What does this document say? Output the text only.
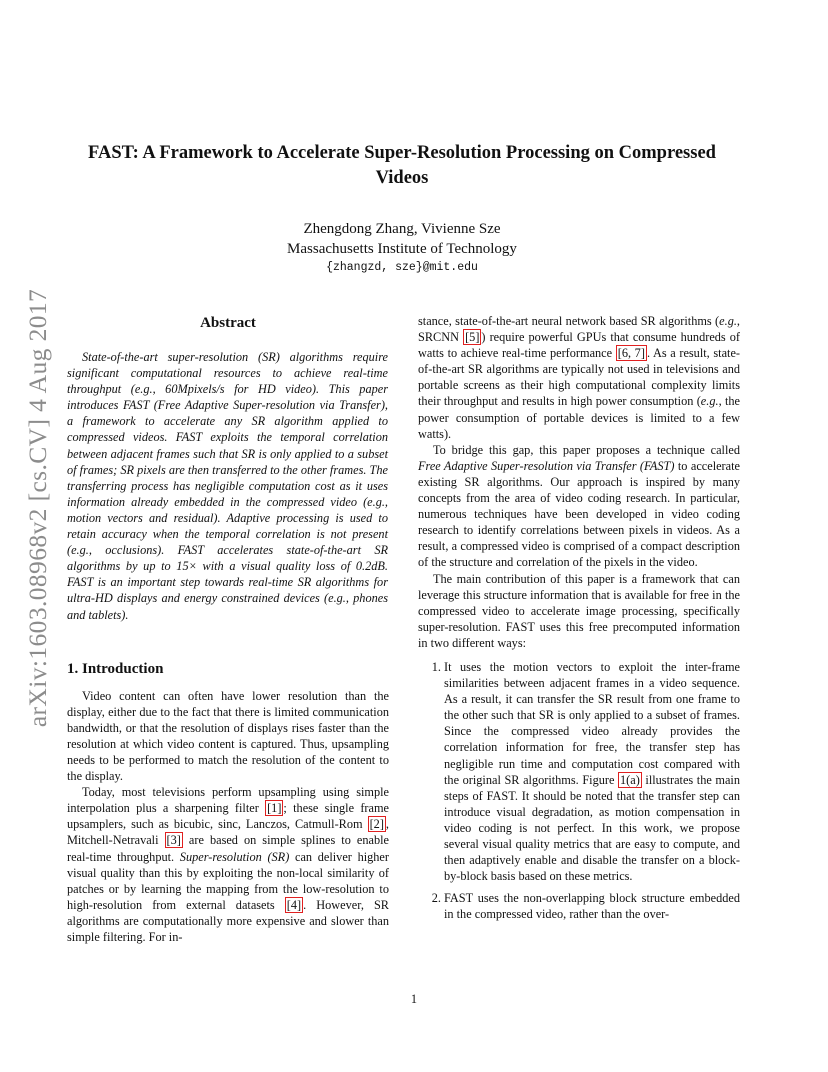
arXiv:1603.08968v2 [cs.CV] 4 Aug 2017
FAST: A Framework to Accelerate Super-Resolution Processing on Compressed Videos
Zhengdong Zhang, Vivienne Sze
Massachusetts Institute of Technology
{zhangzd, sze}@mit.edu
Abstract

State-of-the-art super-resolution (SR) algorithms require significant computational resources to achieve real-time throughput (e.g., 60Mpixels/s for HD video). This paper introduces FAST (Free Adaptive Super-resolution via Transfer), a framework to accelerate any SR algorithm applied to compressed videos. FAST exploits the temporal correlation between adjacent frames such that SR is only applied to a subset of frames; SR pixels are then transferred to the other frames. The transferring process has negligible computation cost as it uses information already embedded in the compressed video (e.g., motion vectors and residual). Adaptive processing is used to retain accuracy when the temporal correlation is not present (e.g., occlusions). FAST accelerates state-of-the-art SR algorithms by up to 15× with a visual quality loss of 0.2dB. FAST is an important step towards real-time SR algorithms for ultra-HD displays and energy constrained devices (e.g., phones and tablets).

1. Introduction

Video content can often have lower resolution than the display, either due to the fact that there is limited communication bandwidth, or that the resolution of displays rises faster than the resolution at which video content is captured. Thus, upsampling needs to be performed to match the resolution of the content to the display.

Today, most televisions perform upsampling using simple interpolation plus a sharpening filter [1] ; these single frame upsamplers, such as bicubic, sinc, Lanczos, Catmull-Rom [2] , Mitchell-Netravali [3] are based on simple splines to enable real-time throughput. Super-resolution (SR) can deliver higher visual quality than this by exploiting the non-local similarity of patches or by learning the mapping from the low-resolution to high-resolution from external datasets [4] . However, SR algorithms are computationally more expensive and slower than simple filtering. For in-

stance, state-of-the-art neural network based SR algorithms (e.g., SRCNN [5] ) require powerful GPUs that consume hundreds of watts to achieve real-time performance [6, 7] . As a result, state-of-the-art SR algorithms are typically not used in televisions and portable screens as their high computational complexity limits their throughput and results in high power consumption (e.g., the power consumption of portable devices is limited to a few watts).

To bridge this gap, this paper proposes a technique called Free Adaptive Super-resolution via Transfer (FAST) to accelerate existing SR algorithms. Our approach is inspired by many concepts from the area of video coding research. In particular, numerous techniques have been developed in video coding research to identify correlations between pixels in videos. As a result, a compressed video is comprised of a compact description of the structure and correlation of the pixels in the video.

The main contribution of this paper is a framework that can leverage this structure information that is available for free in the compressed video to accelerate image processing, specifically super-resolution. FAST uses this free precomputed information in two different ways:

1. It uses the motion vectors to exploit the inter-frame similarities between adjacent frames in a video sequence. As a result, it can transfer the SR result from one frame to the other such that SR is only applied to a subset of frames. Since the compressed video already provides the correlation information for free, the transfer step has negligible run time and computation cost compared with the original SR algorithms. Figure 1(a) illustrates the main steps of FAST. It should be noted that the transfer step can introduce visual degradation, as motion compensation in video coding is not perfect. In this work, we propose several visual quality metrics that are easy to compute, and then adaptively enable and disable the transfer on a block-by-block basis based on these metrics.
2. FAST uses the non-overlapping block structure embedded in the compressed video, rather than the over-
1
